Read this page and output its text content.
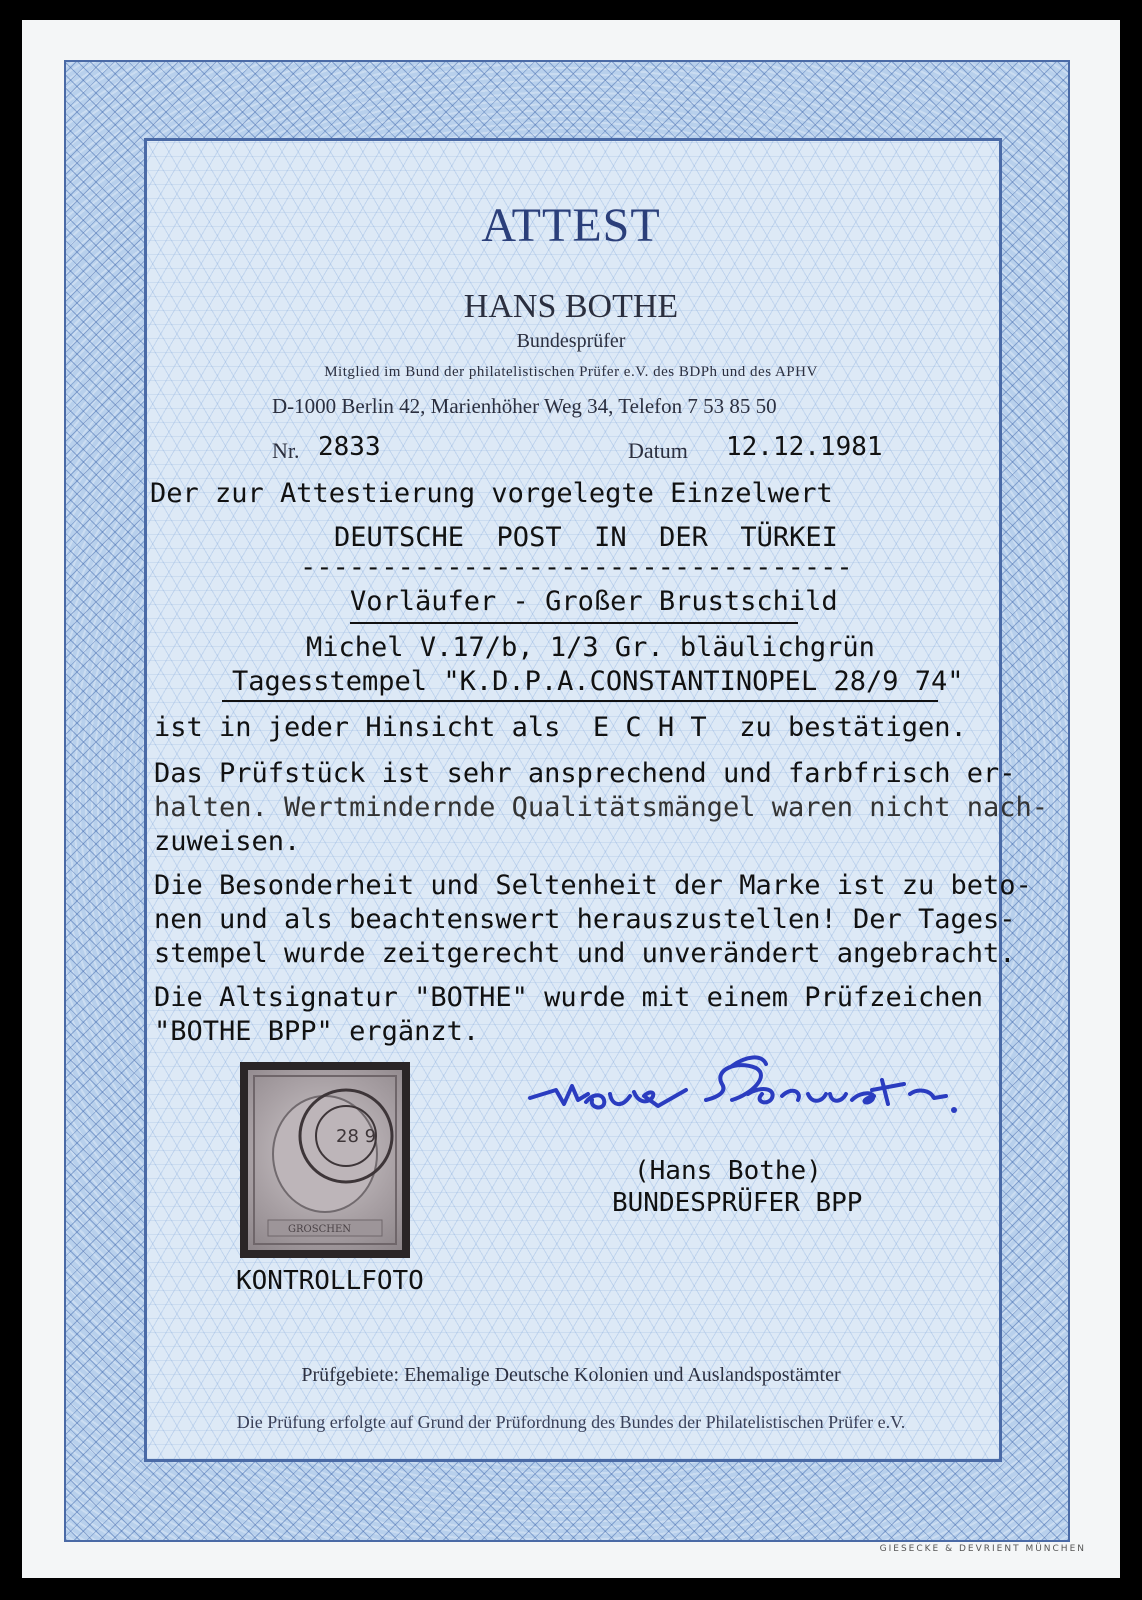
ATTEST
HANS BOTHE
Bundesprüfer
Mitglied im Bund der philatelistischen Prüfer e.V. des BDPh und des APHV
D-1000 Berlin 42, Marienhöher Weg 34, Telefon 7 53 85 50
Nr. 2833	Datum 12.12.1981
Der zur Attestierung vorgelegte Einzelwert
DEUTSCHE  POST  IN  DER  TÜRKEI
----------------------------------
Vorläufer - Großer Brustschild
Michel V.17/b, 1/3 Gr. bläulichgrün
Tagesstempel "K.D.P.A.CONSTANTINOPEL 28/9 74"
ist in jeder Hinsicht als  E C H T  zu bestätigen.
Das Prüfstück ist sehr ansprechend und farbfrisch er-
halten. Wertmindernde Qualitätsmängel waren nicht nach-
zuweisen.
Die Besonderheit und Seltenheit der Marke ist zu beto-
nen und als beachtenswert herauszustellen! Der Tages-
stempel wurde zeitgerecht und unverändert angebracht.
Die Altsignatur "BOTHE" wurde mit einem Prüfzeichen
"BOTHE BPP" ergänzt.
28 9
GROSCHEN
KONTROLLFOTO
(Hans Bothe)
BUNDESPRÜFER BPP
Prüfgebiete: Ehemalige Deutsche Kolonien und Auslandspostämter
Die Prüfung erfolgte auf Grund der Prüfordnung des Bundes der Philatelistischen Prüfer e.V.
GIESECKE & DEVRIENT MÜNCHEN
